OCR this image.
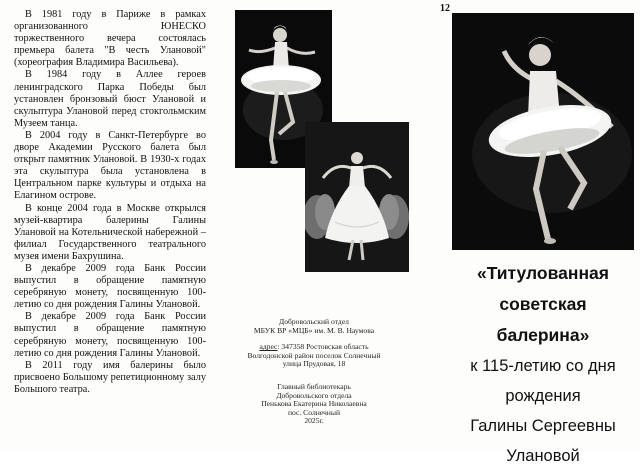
В 1981 году в Париже в рамках организованного ЮНЕСКО торжественного вечера состоялась премьера балета "В честь Улановой" (хореография Владимира Васильева).

В 1984 году в Аллее героев ленинградского Парка Победы был установлен бронзовый бюст Улановой и скульптура Улановой перед стокгольмским Музеем танца.

В 2004 году в Санкт-Петербурге во дворе Академии Русского балета был открыт памятник Улановой. В 1930-х годах эта скульптура была установлена в Центральном парке культуры и отдыха на Елагином острове.

В конце 2004 года в Москве открылся музей-квартира балерины Галины Улановой на Котельнической набережной – филиал Государственного театрального музея имени Бахрушина.

В декабре 2009 года Банк России выпустил в обращение памятную серебряную монету, посвященную 100-летию со дня рождения Галины Улановой.

В декабре 2009 года Банк России выпустил в обращение памятную серебряную монету, посвященную 100-летию со дня рождения Галины Улановой.

В 2011 году имя балерины было присвоено Большому репетиционному залу Большого театра.

Добровольский отдел
МБУК ВР «МЦБ» им. М. В. Наумова
адрес: 347358 Ростовская область
Волгодонской район поселок Солнечный
улица Прудовая, 18
Главный библиотекарь
Добровольского отдела
Пенькова Екатерина Николаевна
пос. Солнечный
2025г.
12
«Титулованная
советская балерина»
к 115-летию со дня
рождения
Галины Сергеевны
Улановой
